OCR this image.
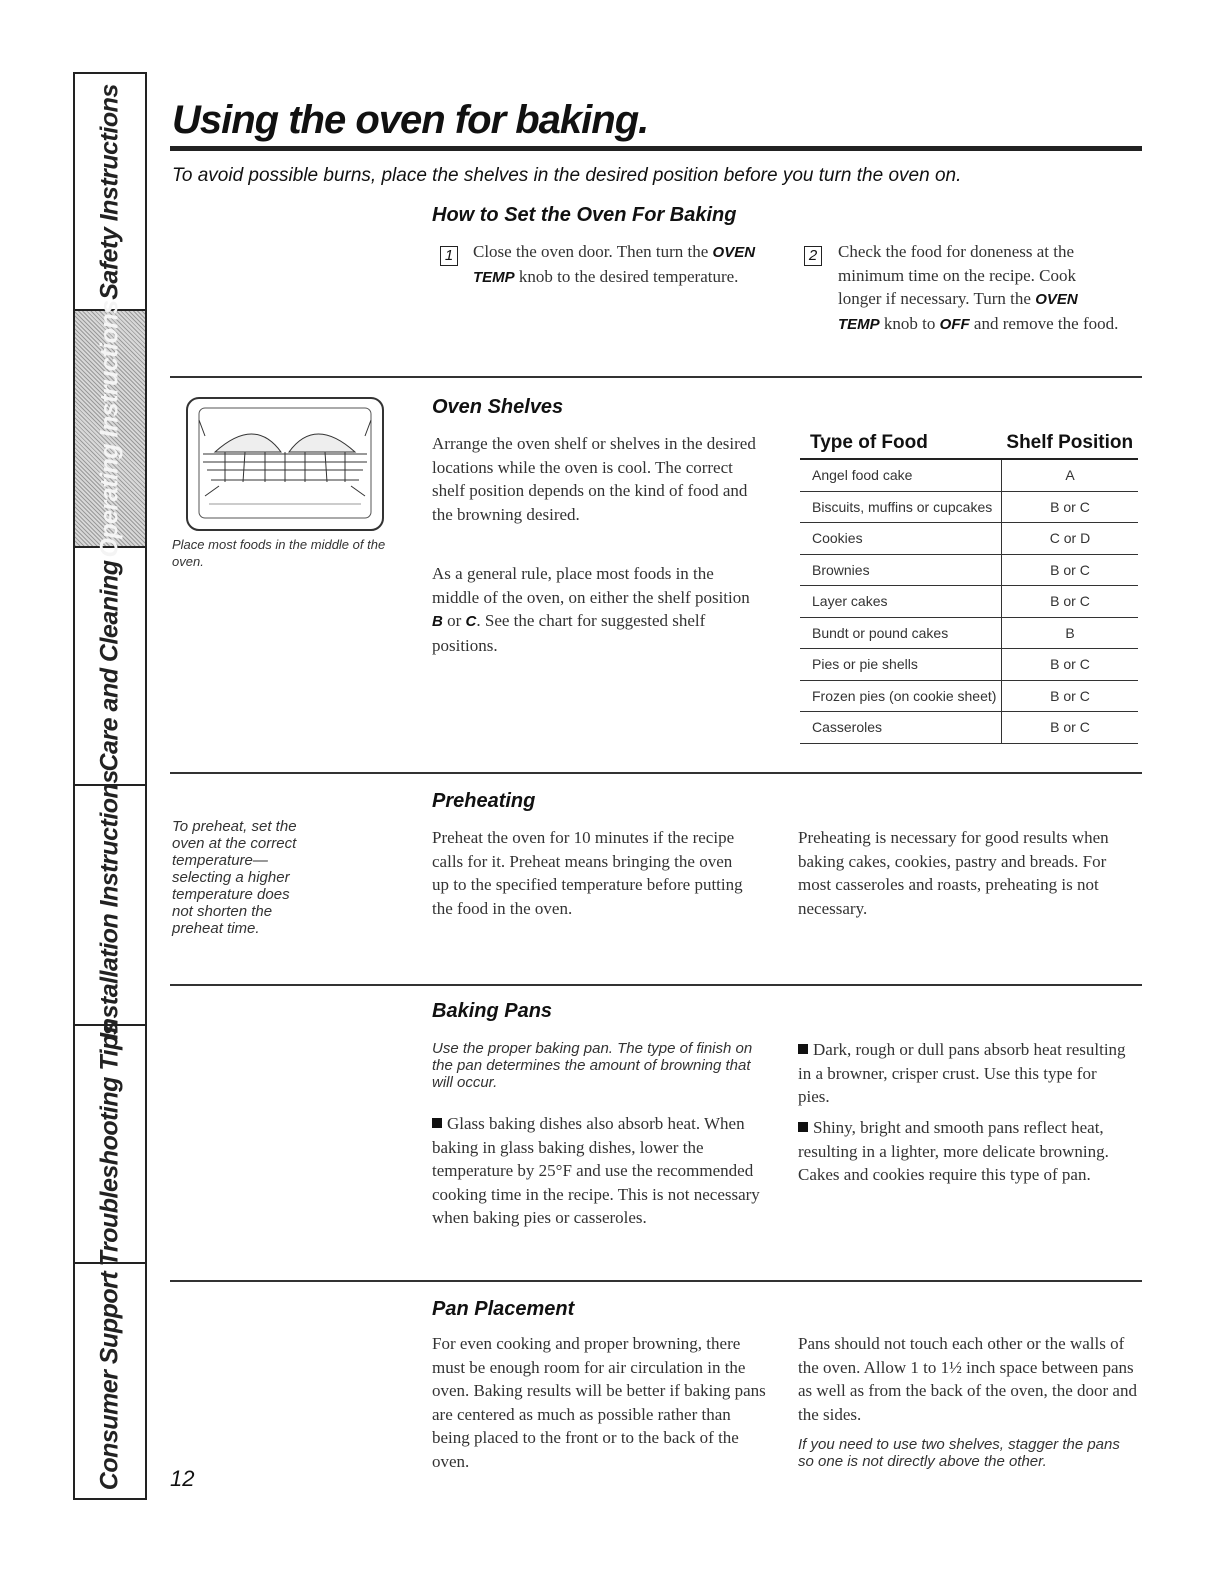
Safety Instructions
Operating Instructions
Care and Cleaning
Installation Instructions
Troubleshooting Tips
Consumer Support
Using the oven for baking.
To avoid possible burns, place the shelves in the desired position before you turn the oven on.
How to Set the Oven For Baking
1 Close the oven door. Then turn the OVEN TEMP knob to the desired temperature.
2 Check the food for doneness at the minimum time on the recipe. Cook longer if necessary. Turn the OVEN TEMP knob to OFF and remove the food.
Place most foods in the middle of the oven.
Oven Shelves
Arrange the oven shelf or shelves in the desired locations while the oven is cool. The correct shelf position depends on the kind of food and the browning desired.
As a general rule, place most foods in the middle of the oven, on either the shelf position B or C. See the chart for suggested shelf positions.
Type of Food	Shelf Position
Angel food cake	A
Biscuits, muffins or cupcakes	B or C
Cookies	C or D
Brownies	B or C
Layer cakes	B or C
Bundt or pound cakes	B
Pies or pie shells	B or C
Frozen pies (on cookie sheet)	B or C
Casseroles	B or C
To preheat, set the oven at the correct temperature—selecting a higher temperature does not shorten the preheat time.
Preheating
Preheat the oven for 10 minutes if the recipe calls for it. Preheat means bringing the oven up to the specified temperature before putting the food in the oven.
Preheating is necessary for good results when baking cakes, cookies, pastry and breads. For most casseroles and roasts, preheating is not necessary.
Baking Pans
Use the proper baking pan. The type of finish on the pan determines the amount of browning that will occur.
Glass baking dishes also absorb heat. When baking in glass baking dishes, lower the temperature by 25°F and use the recommended cooking time in the recipe. This is not necessary when baking pies or casseroles.
Dark, rough or dull pans absorb heat resulting in a browner, crisper crust. Use this type for pies.
Shiny, bright and smooth pans reflect heat, resulting in a lighter, more delicate browning. Cakes and cookies require this type of pan.
Pan Placement
For even cooking and proper browning, there must be enough room for air circulation in the oven. Baking results will be better if baking pans are centered as much as possible rather than being placed to the front or to the back of the oven.
Pans should not touch each other or the walls of the oven. Allow 1 to 1½ inch space between pans as well as from the back of the oven, the door and the sides.
If you need to use two shelves, stagger the pans so one is not directly above the other.
12
